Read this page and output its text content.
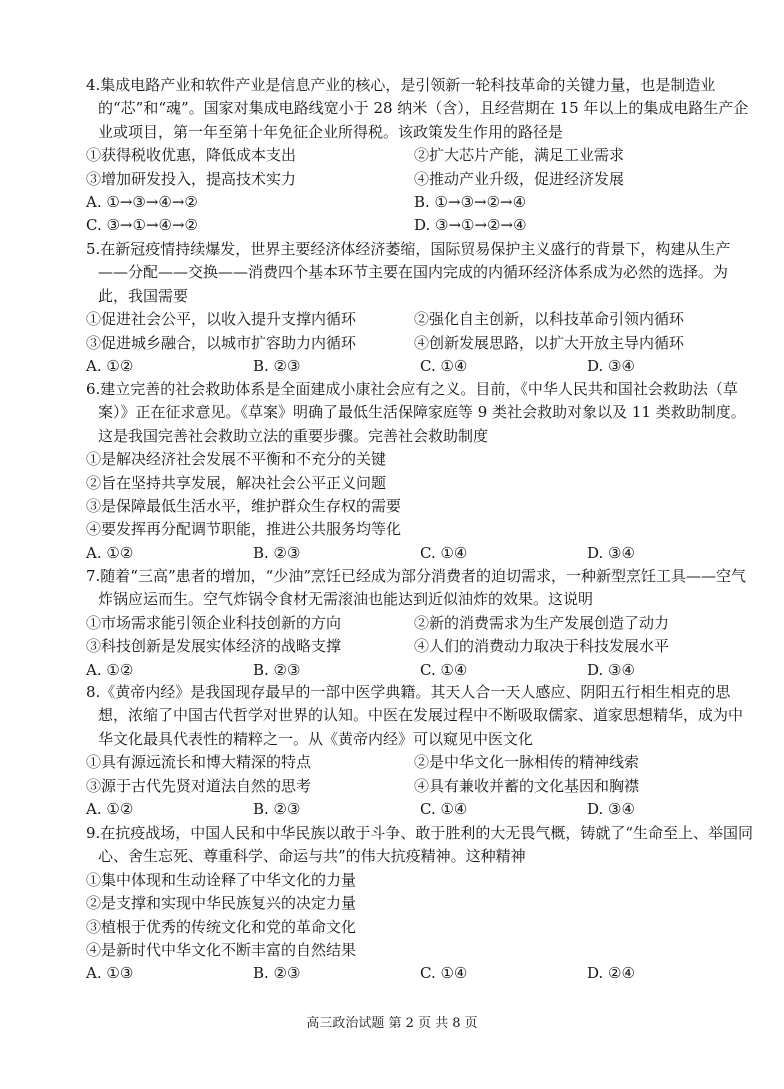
4.集成电路产业和软件产业是信息产业的核心，是引领新一轮科技革命的关键力量，也是制造业的“芯”和“魂”。国家对集成电路线宽小于 28 纳米（含），且经营期在 15 年以上的集成电路生产企业或项目，第一年至第十年免征企业所得税。该政策发生作用的路径是

①获得税收优惠，降低成本支出	②扩大芯片产能，满足工业需求
③增加研发投入，提高技术实力	④推动产业升级，促进经济发展
A. ①→③→④→②	B. ①→③→②→④
C. ③→①→④→②	D. ③→①→②→④

5.在新冠疫情持续爆发，世界主要经济体经济萎缩，国际贸易保护主义盛行的背景下，构建从生产——分配——交换——消费四个基本环节主要在国内完成的内循环经济体系成为必然的选择。为此，我国需要

①促进社会公平，以收入提升支撑内循环	②强化自主创新，以科技革命引领内循环
③促进城乡融合，以城市扩容助力内循环	④创新发展思路，以扩大开放主导内循环
A. ①②	B. ②③	C. ①④	D. ③④

6.建立完善的社会救助体系是全面建成小康社会应有之义。目前，《中华人民共和国社会救助法（草案）》正在征求意见。《草案》明确了最低生活保障家庭等 9 类社会救助对象以及 11 类救助制度。这是我国完善社会救助立法的重要步骤。完善社会救助制度

①是解决经济社会发展不平衡和不充分的关键

②旨在坚持共享发展，解决社会公平正义问题

③是保障最低生活水平，维护群众生存权的需要

④要发挥再分配调节职能，推进公共服务均等化

A. ①②	B. ②③	C. ①④	D. ③④

7.随着“三高”患者的增加，“少油”烹饪已经成为部分消费者的迫切需求，一种新型烹饪工具——空气炸锅应运而生。空气炸锅令食材无需滚油也能达到近似油炸的效果。这说明

①市场需求能引领企业科技创新的方向	②新的消费需求为生产发展创造了动力
③科技创新是发展实体经济的战略支撑	④人们的消费动力取决于科技发展水平
A. ①②	B. ②③	C. ①④	D. ③④

8.《黄帝内经》是我国现存最早的一部中医学典籍。其天人合一天人感应、阴阳五行相生相克的思想，浓缩了中国古代哲学对世界的认知。中医在发展过程中不断吸取儒家、道家思想精华，成为中华文化最具代表性的精粹之一。从《黄帝内经》可以窥见中医文化

①具有源远流长和博大精深的特点	②是中华文化一脉相传的精神线索
③源于古代先贤对道法自然的思考	④具有兼收并蓄的文化基因和胸襟
A. ①②	B. ②③	C. ①④	D. ③④

9.在抗疫战场，中国人民和中华民族以敢于斗争、敢于胜利的大无畏气概，铸就了“生命至上、举国同心、舍生忘死、尊重科学、命运与共”的伟大抗疫精神。这种精神

①集中体现和生动诠释了中华文化的力量

②是支撑和实现中华民族复兴的决定力量

③植根于优秀的传统文化和党的革命文化

④是新时代中华文化不断丰富的自然结果

A. ①③	B. ②③	C. ①④	D. ②④
高三政治试题 第 2 页 共 8 页
